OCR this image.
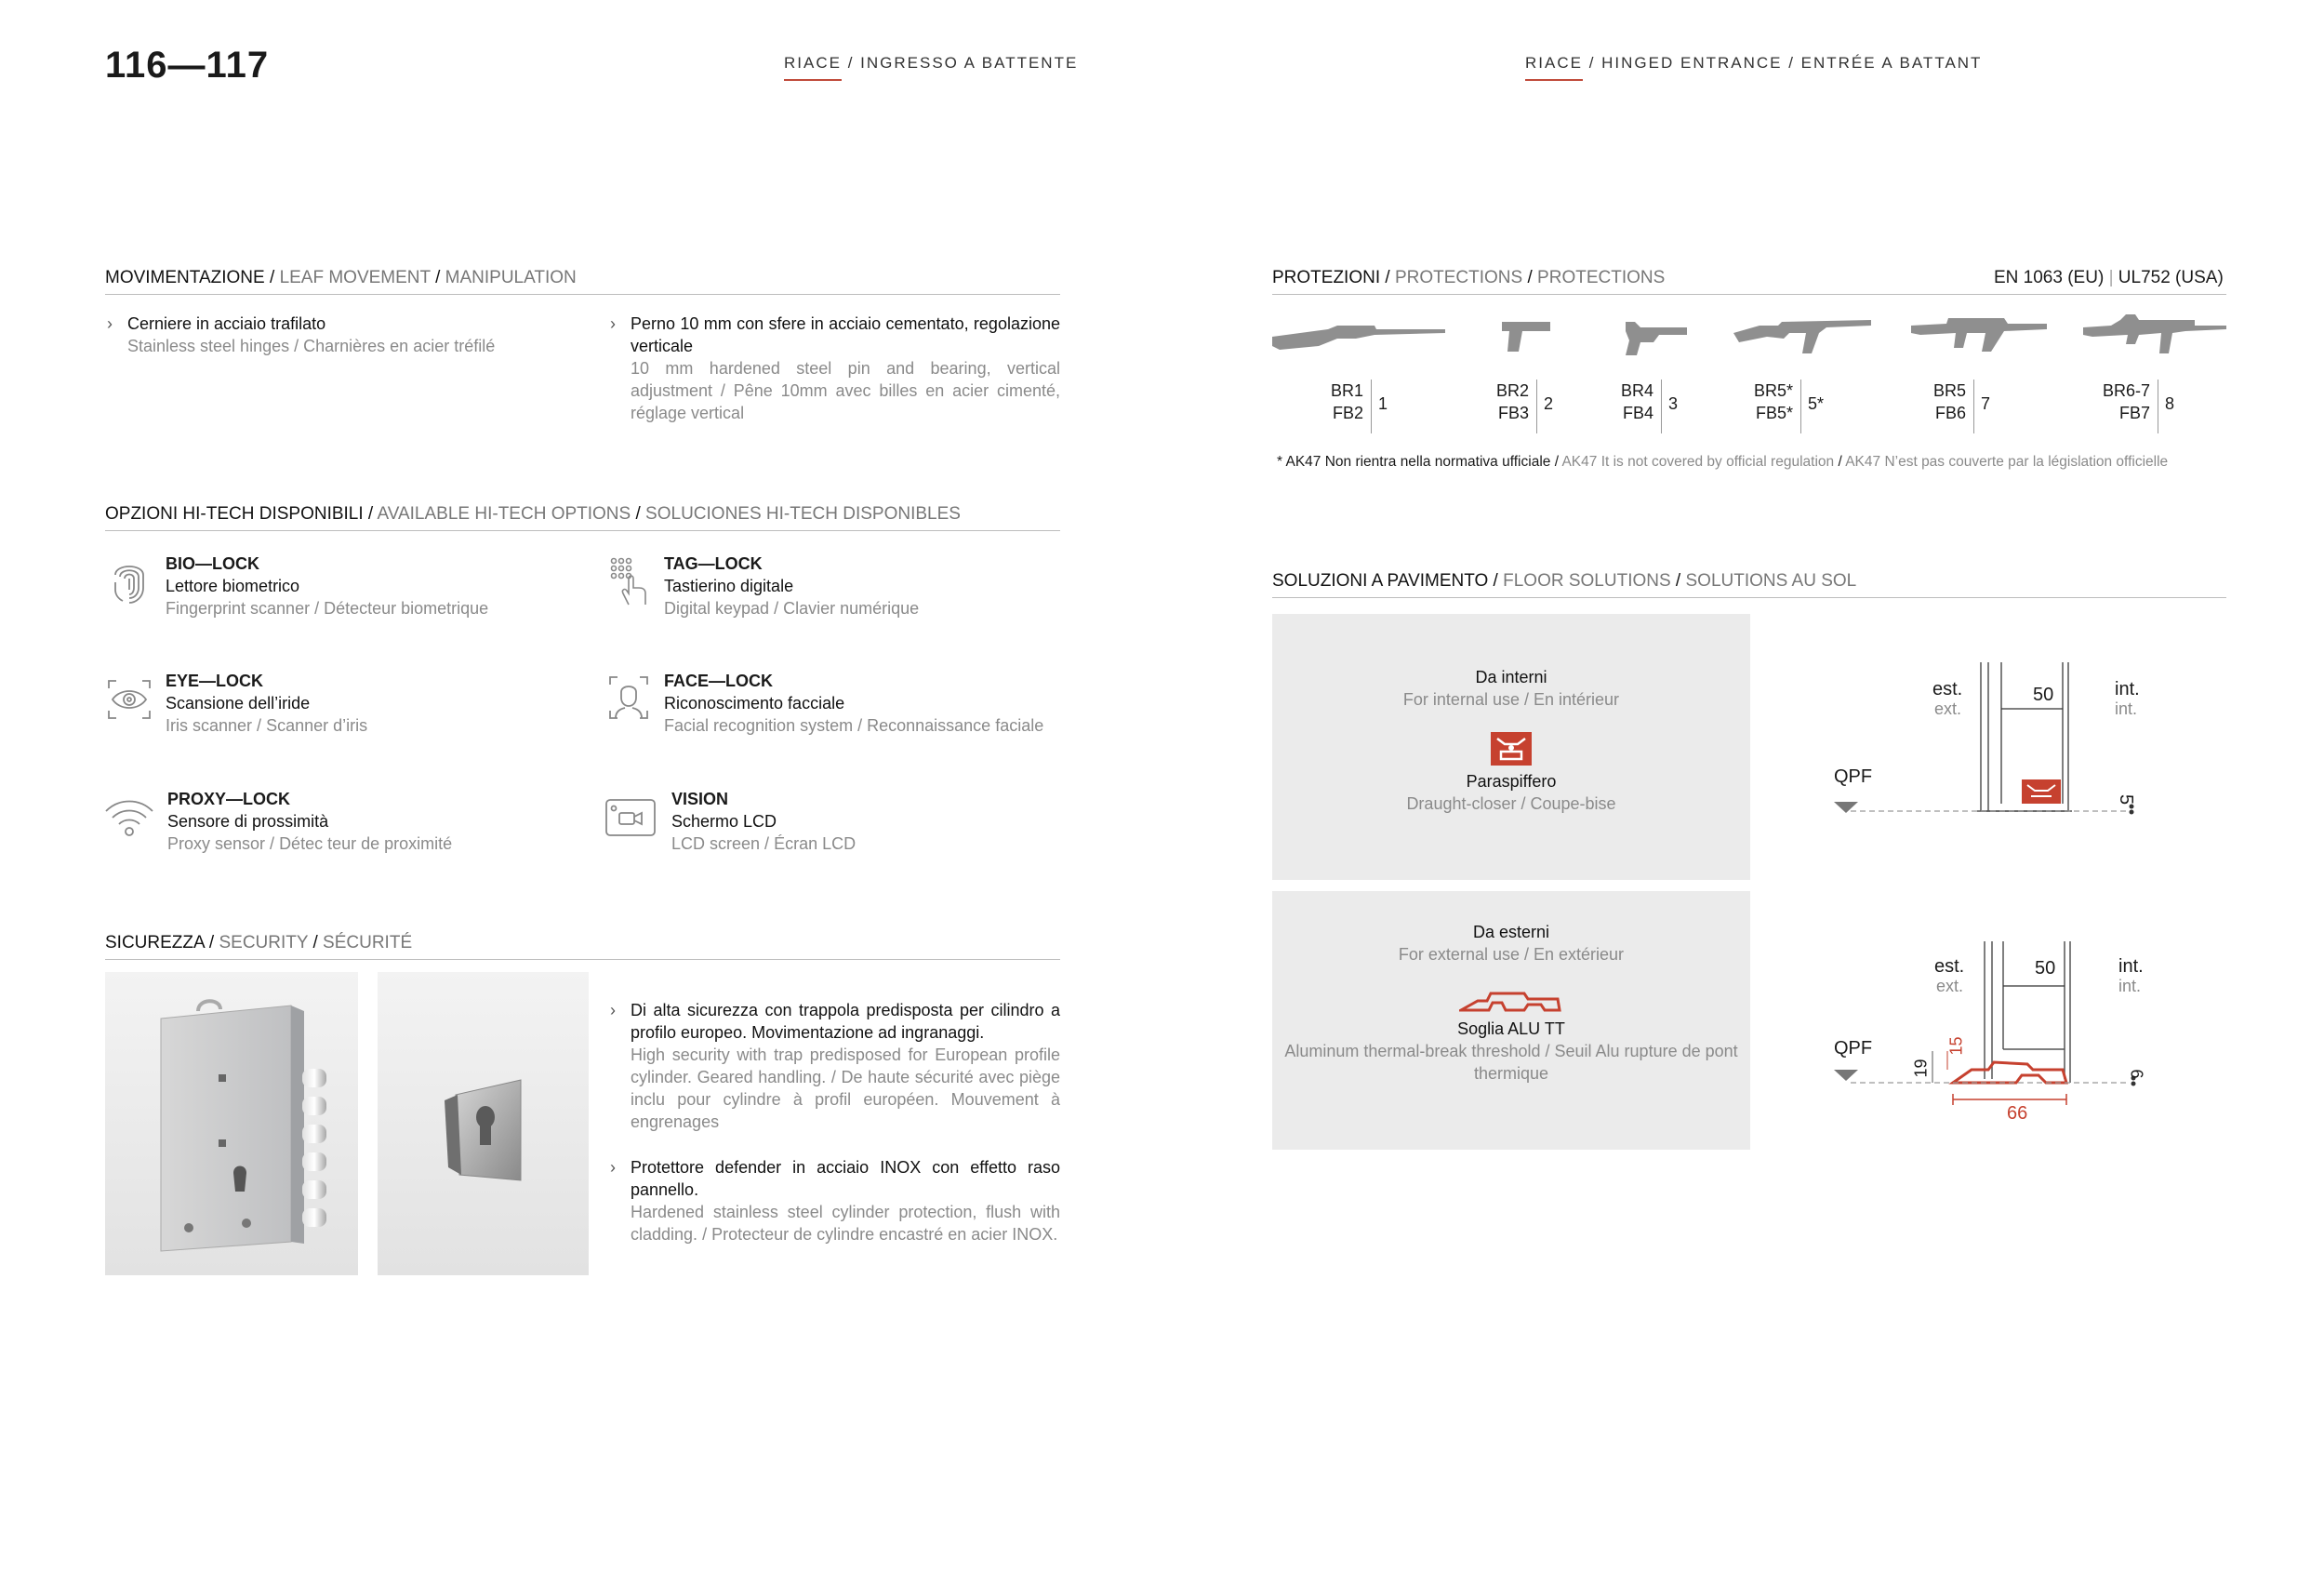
116—117	RIACE / INGRESSO A BATTENTE	RIACE / HINGED ENTRANCE / ENTRÉE A BATTANT
MOVIMENTAZIONE / LEAF MOVEMENT / MANIPULATION
› Cerniere in acciaio trafilato
Stainless steel hinges / Charnières en acier tréfilé
› Perno 10 mm con sfere in acciaio cementato, regolazione verticale
10 mm hardened steel pin and bearing, vertical adjustment / Pêne 10mm avec billes en acier cimenté, réglage vertical
OPZIONI HI-TECH DISPONIBILI / AVAILABLE HI-TECH OPTIONS / SOLUCIONES HI-TECH DISPONIBLES
BIO—LOCK
Lettore biometrico
Fingerprint scanner / Détecteur biometrique
TAG—LOCK
Tastierino digitale
Digital keypad / Clavier numérique
EYE—LOCK
Scansione dell’iride
Iris scanner / Scanner d’iris
FACE—LOCK
Riconoscimento facciale
Facial recognition system / Reconnaissance faciale
PROXY—LOCK
Sensore di prossimità
Proxy sensor / Détec teur de proximité
VISION
Schermo LCD
LCD screen / Écran LCD
SICUREZZA / SECURITY / SÉCURITÉ
› Di alta sicurezza con trappola predisposta per cilindro a profilo europeo. Movimentazione ad ingranaggi.
High security with trap predisposed for European profile cylinder. Geared handling. / De haute sécurité avec piège inclu pour cylindre à profil européen. Mouvement à engrenages
› Protettore defender in acciaio INOX con effetto raso pannello.
Hardened stainless steel cylinder protection, flush with cladding. / Protecteur de cylindre encastré en acier INOX.
PROTEZIONI / PROTECTIONS / PROTECTIONS	EN 1063 (EU) | UL752 (USA)
BR1
FB2 1
BR2
FB3 2
BR4
FB4 3
BR5*
FB5* 5*
BR5
FB6 7
BR6-7
FB7 8
* AK47 Non rientra nella normativa ufficiale / AK47 It is not covered by official regulation / AK47 N’est pas couverte par la législation officielle
SOLUZIONI A PAVIMENTO / FLOOR SOLUTIONS / SOLUTIONS AU SOL
Da interni
For internal use / En intérieur
Paraspiffero
Draught-closer / Coupe-bise
Da esterni
For external use / En extérieur
Soglia ALU TT
Aluminum thermal-break threshold / Seuil Alu rupture de pont thermique
est.
ext.
int.
int.
50
QPF
5
est.
ext.
int.
int.
50
QPF
19
15
6
66
